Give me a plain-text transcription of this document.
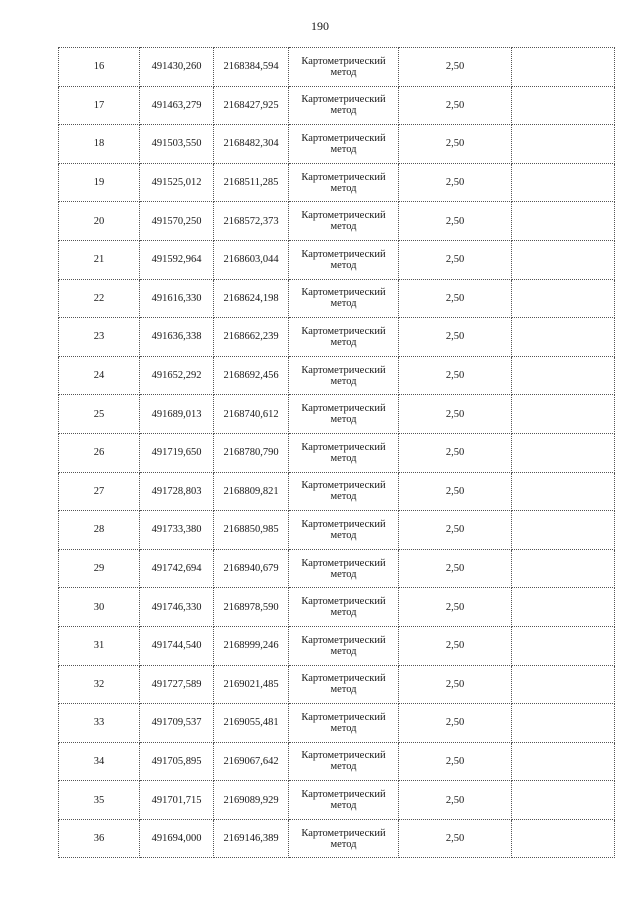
190
16	491430,260	2168384,594	Картометрический метод	2,50	
17	491463,279	2168427,925	Картометрический метод	2,50	
18	491503,550	2168482,304	Картометрический метод	2,50	
19	491525,012	2168511,285	Картометрический метод	2,50	
20	491570,250	2168572,373	Картометрический метод	2,50	
21	491592,964	2168603,044	Картометрический метод	2,50	
22	491616,330	2168624,198	Картометрический метод	2,50	
23	491636,338	2168662,239	Картометрический метод	2,50	
24	491652,292	2168692,456	Картометрический метод	2,50	
25	491689,013	2168740,612	Картометрический метод	2,50	
26	491719,650	2168780,790	Картометрический метод	2,50	
27	491728,803	2168809,821	Картометрический метод	2,50	
28	491733,380	2168850,985	Картометрический метод	2,50	
29	491742,694	2168940,679	Картометрический метод	2,50	
30	491746,330	2168978,590	Картометрический метод	2,50	
31	491744,540	2168999,246	Картометрический метод	2,50	
32	491727,589	2169021,485	Картометрический метод	2,50	
33	491709,537	2169055,481	Картометрический метод	2,50	
34	491705,895	2169067,642	Картометрический метод	2,50	
35	491701,715	2169089,929	Картометрический метод	2,50	
36	491694,000	2169146,389	Картометрический метод	2,50	
